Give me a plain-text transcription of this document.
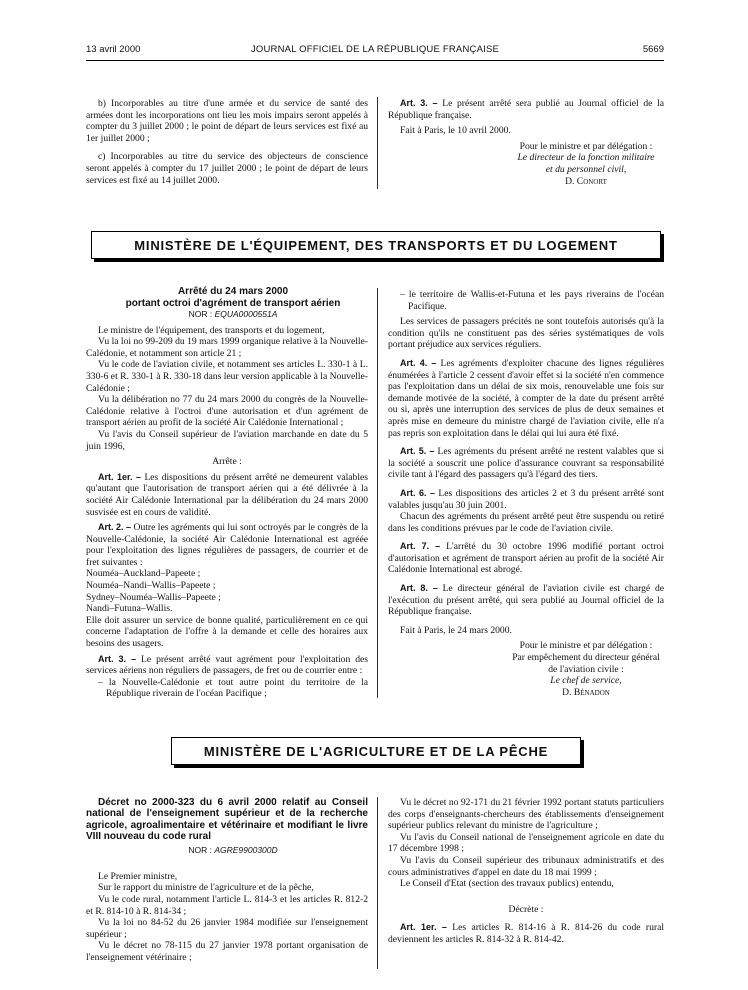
13 avril 2000	JOURNAL OFFICIEL DE LA RÉPUBLIQUE FRANÇAISE	5669

b) Incorporables au titre d'une armée et du service de santé des armées dont les incorporations ont lieu les mois impairs seront appelés à compter du 3 juillet 2000 ; le point de départ de leurs services est fixé au 1er juillet 2000 ;

c) Incorporables au titre du service des objecteurs de conscience seront appelés à compter du 17 juillet 2000 ; le point de départ de leurs services est fixé au 14 juillet 2000.

Art. 3. – Le présent arrêté sera publié au Journal officiel de la République française.

Fait à Paris, le 10 avril 2000.

Pour le ministre et par délégation :

Le directeur de la fonction militaire

et du personnel civil,

D. Conort

MINISTÈRE DE L'ÉQUIPEMENT, DES TRANSPORTS ET DU LOGEMENT

Arrêté du 24 mars 2000

portant octroi d'agrément de transport aérien

NOR : EQUA0000551A

Le ministre de l'équipement, des transports et du logement,

Vu la loi no 99-209 du 19 mars 1999 organique relative à la Nouvelle-Calédonie, et notamment son article 21 ;

Vu le code de l'aviation civile, et notamment ses articles L. 330-1 à L. 330-6 et R. 330-1 à R. 330-18 dans leur version applicable à la Nouvelle-Calédonie ;

Vu la délibération no 77 du 24 mars 2000 du congrès de la Nouvelle-Calédonie relative à l'octroi d'une autorisation et d'un agrément de transport aérien au profit de la société Air Calédonie International ;

Vu l'avis du Conseil supérieur de l'aviation marchande en date du 5 juin 1996,

Arrête :

Art. 1er. – Les dispositions du présent arrêté ne demeurent valables qu'autant que l'autorisation de transport aérien qui a été délivrée à la société Air Calédonie International par la délibération du 24 mars 2000 susvisée est en cours de validité.

Art. 2. – Outre les agréments qui lui sont octroyés par le congrès de la Nouvelle-Calédonie, la société Air Calédonie International est agréée pour l'exploitation des lignes régulières de passagers, de courrier et de fret suivantes :

Nouméa–Auckland–Papeete ;

Nouméa–Nandi–Wallis–Papeete ;

Sydney–Nouméa–Wallis–Papeete ;

Nandi–Futuna–Wallis.

Elle doit assurer un service de bonne qualité, particulièrement en ce qui concerne l'adaptation de l'offre à la demande et celle des horaires aux besoins des usagers.

Art. 3. – Le présent arrêté vaut agrément pour l'exploitation des services aériens non réguliers de passagers, de fret ou de courrier entre :

– la Nouvelle-Calédonie et tout autre point du territoire de la République riverain de l'océan Pacifique ;

– le territoire de Wallis-et-Futuna et les pays riverains de l'océan Pacifique.

Les services de passagers précités ne sont toutefois autorisés qu'à la condition qu'ils ne constituent pas des séries systématiques de vols portant préjudice aux services réguliers.

Art. 4. – Les agréments d'exploiter chacune des lignes régulières énumérées à l'article 2 cessent d'avoir effet si la société n'en commence pas l'exploitation dans un délai de six mois, renouvelable une fois sur demande motivée de la société, à compter de la date du présent arrêté ou si, après une interruption des services de plus de deux semaines et après mise en demeure du ministre chargé de l'aviation civile, elle n'a pas repris son exploitation dans le délai qui lui aura été fixé.

Art. 5. – Les agréments du présent arrêté ne restent valables que si la société a souscrit une police d'assurance couvrant sa responsabilité civile tant à l'égard des passagers qu'à l'égard des tiers.

Art. 6. – Les dispositions des articles 2 et 3 du présent arrêté sont valables jusqu'au 30 juin 2001.

Chacun des agréments du présent arrêté peut être suspendu ou retiré dans les conditions prévues par le code de l'aviation civile.

Art. 7. – L'arrêté du 30 octobre 1996 modifié portant octroi d'autorisation et agrément de transport aérien au profit de la société Air Calédonie International est abrogé.

Art. 8. – Le directeur général de l'aviation civile est chargé de l'exécution du présent arrêté, qui sera publié au Journal officiel de la République française.

Fait à Paris, le 24 mars 2000.

Pour le ministre et par délégation :

Par empêchement du directeur général

de l'aviation civile :

Le chef de service,

D. Bénadon

MINISTÈRE DE L'AGRICULTURE ET DE LA PÊCHE

Décret no 2000-323 du 6 avril 2000 relatif au Conseil national de l'enseignement supérieur et de la recherche agricole, agroalimentaire et vétérinaire et modifiant le livre VIII nouveau du code rural

NOR : AGRE9900300D

Le Premier ministre,

Sur le rapport du ministre de l'agriculture et de la pêche,

Vu le code rural, notamment l'article L. 814-3 et les articles R. 812-2 et R. 814-10 à R. 814-34 ;

Vu la loi no 84-52 du 26 janvier 1984 modifiée sur l'enseignement supérieur ;

Vu le décret no 78-115 du 27 janvier 1978 portant organisation de l'enseignement vétérinaire ;

Vu le décret no 92-171 du 21 février 1992 portant statuts particuliers des corps d'enseignants-chercheurs des établissements d'enseignement supérieur publics relevant du ministre de l'agriculture ;

Vu l'avis du Conseil national de l'enseignement agricole en date du 17 décembre 1998 ;

Vu l'avis du Conseil supérieur des tribunaux administratifs et des cours administratives d'appel en date du 18 mai 1999 ;

Le Conseil d'Etat (section des travaux publics) entendu,

Décrète :

Art. 1er. – Les articles R. 814-16 à R. 814-26 du code rural deviennent les articles R. 814-32 à R. 814-42.
